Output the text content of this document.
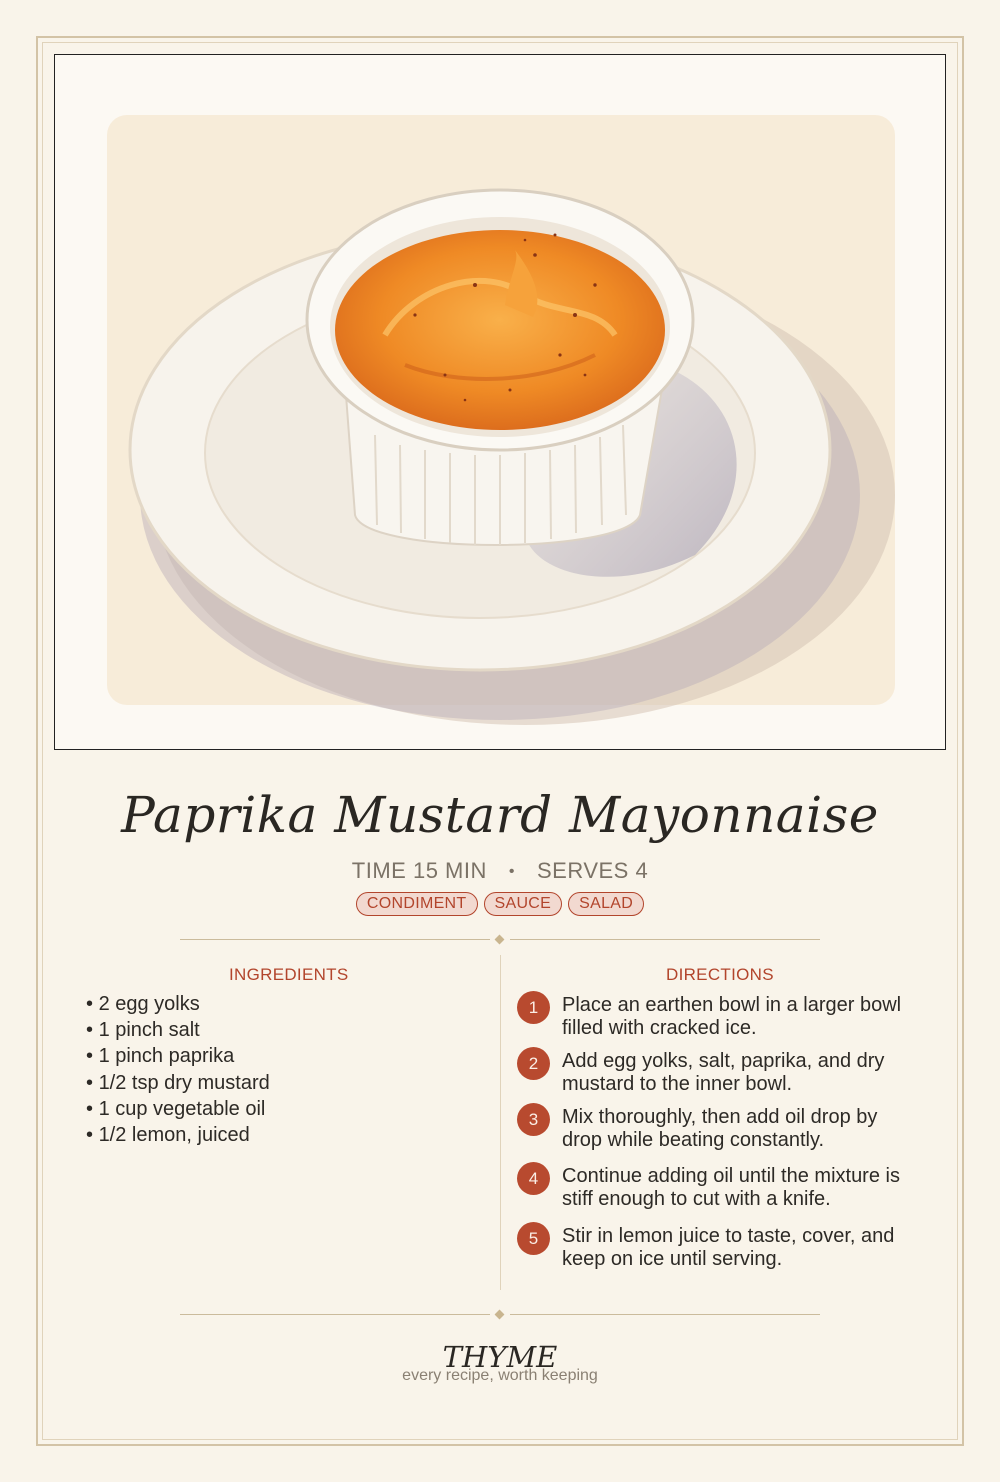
Paprika Mustard Mayonnaise
TIME 15 MIN • SERVES 4
CONDIMENT SAUCE SALAD
INGREDIENTS
• 2 egg yolks
• 1 pinch salt
• 1 pinch paprika
• 1/2 tsp dry mustard
• 1 cup vegetable oil
• 1/2 lemon, juiced
DIRECTIONS
1	Place an earthen bowl in a larger bowl filled with cracked ice.
2	Add egg yolks, salt, paprika, and dry mustard to the inner bowl.
3	Mix thoroughly, then add oil drop by drop while beating constantly.
4	Continue adding oil until the mixture is stiff enough to cut with a knife.
5	Stir in lemon juice to taste, cover, and keep on ice until serving.
THYME
every recipe, worth keeping
